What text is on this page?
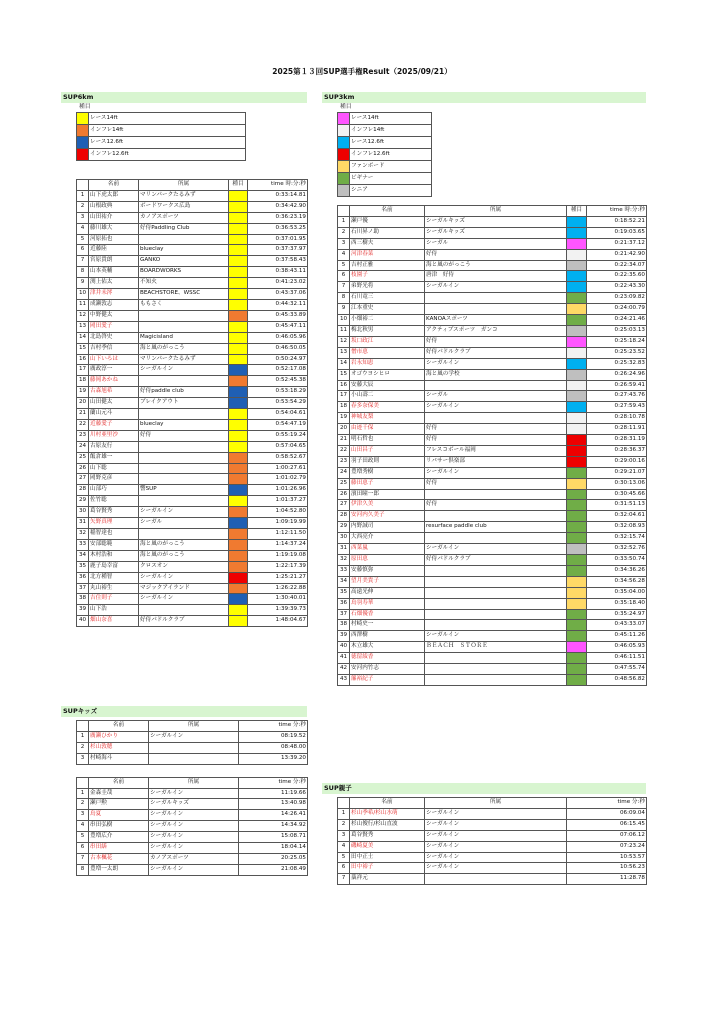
2025第１３回SUP選手権Result（2025/09/21）
SUP6km
種目
	レース14ft
	インフレ14ft
	レース12.6ft
	インフレ12.6ft
	名前	所属	種目	time 時:分:秒
1	山下虎太郎	マリンパークたるみず		0:33:14.81
2	山根政典	ボードワークス広島		0:34:42.90
3	山田祐介	カノアスポーツ		0:36:23.19
4	藤川雄大	好侍Paddling Club		0:36:53.25
5	河原拓也			0:37:01.95
6	近藤陸	blueclay		0:37:37.97
7	宮原貴朗	GANKO		0:37:58.43
8	山本英輔	BOARDWORKS		0:38:43.11
9	渕上佑太	不知火		0:41:23.02
10	津井未澪	BEACHSTORE、WSSC		0:43:37.06
11	成瀬敦志	ももさく		0:44:32.11
12	中野健太			0:45:33.89
13	岡田愛子			0:45:47.11
14	北島啓史	Magicisland		0:46:05.96
15	吉村季信	海と風のがっこう		0:46:50.05
16	山下いろは	マリンパークたるみず		0:50:24.97
17	廣政淳一	シーガルイン		0:52:17.08
18	藤岡あかね			0:52:45.38
19	古森旭希	好侍paddle club		0:53:18.29
20	山田健太	ブレイクアウト		0:53:54.29
21	蘭山元斗			0:54:04.61
22	近藤愛子	blueclay		0:54:47.19
23	川村亜里沙	好侍		0:55:19.24
24	古原友行			0:57:04.65
25	飯倉雄一			0:58:52.67
26	山下聡			1:00:27.61
27	岡野克彦			1:01:02.79
28	山部巧	響SUP		1:01:26.96
29	佐竹聡			1:01:37.27
30	葛谷賢秀	シーガルイン		1:04:52.80
31	矢野真理	シーガル		1:09:19.99
32	稲智達也			1:12:11.50
33	安部聡範	海と風のがっこう		1:14:37.24
34	木村浩和	海と風のがっこう		1:19:19.08
35	鹿子島幸富	クロスオン		1:22:17.39
36	北方種智	シーガルイン		1:25:21.27
37	丸山裕生	マジックアイランド		1:26:22.88
38	吉住則子	シーガルイン		1:30:40.01
39	山下浩			1:39:39.73
40	畑山奈喜	好侍パドルクラブ		1:48:04.67
SUP3km
種目
	レース14ft
	インフレ14ft
	レース12.6ft
	インフレ12.6ft
	ファンボード
	ビギナー
	シニア
	名前	所属	種目	time 時:分:秒
1	瀬戸優	シーガルキッズ		0:18:52.21
2	石川昇ノ助	シーガルキッズ		0:19:03.65
3	西三樹夫	シーガル		0:21:37.12
4	河津春菜	好侍		0:21:42.90
5	吉村正雅	海と風のがっこう		0:22:34.07
6	枝園子	唐津　好侍		0:22:35.60
7	弟野光将	シーガルイン		0:22:43.30
8	石川竜三			0:23:09.82
9	江本重史			0:24:00.79
10	小畑裕二	KANOAスポーツ		0:24:21.46
11	梅北秋男	アクティブスポーツ　ガンコ		0:25:03.13
12	坂口政江	好侍		0:25:18.24
13	憎市恵	好侍パドルクラブ		0:25:23.52
14	岩永知恵	シーガルイン		0:25:32.83
15	オゴウヨシヒロ	海と風の学校		0:26:24.96
16	安藤大辰			0:26:59.41
17	小山壽二	シーガル		0:27:43.76
18	春多奈保美	シーガルイン		0:27:59.43
19	神城友梨			0:28:10.78
20	由迹千保	好侍		0:28:11.91
21	明石哲也	好侍		0:28:31.19
22	山田昌子	フレスコボール福岡		0:28:36.37
23	羽子田政則	リバサー倶楽部		0:29:00.16
24	豊増秀樹	シーガルイン		0:29:21.07
25	藤田恵子	好侍		0:30:13.06
26	濱田瞳一郎			0:30:45.66
27	伊津久美	好侍		0:31:51.13
28	安河内久美子			0:32:04.61
29	内野誠司	resurface paddle club		0:32:08.93
30	大西亮介			0:32:15.74
31	西菜嵐	シーガルイン		0:32:52.76
32	原田恵	好侍パドルクラブ		0:33:50.74
33	安藤慎弥			0:34:36.26
34	望月美貴子			0:34:56.28
35	高遠光伸			0:35:04.00
36	鳥羽寿華			0:35:18.40
37	石畑優香			0:35:24.97
38	村崎史一			0:43:33.07
39	西澤樹	シーガルイン		0:45:11.26
40	木立雄大	ＢＥＡＣＨ　ＳＴＯＲＥ		0:46:05.93
41	徳留綾香			0:46:11.51
42	安河内竹志			0:47:55.74
43	簾裕紀子			0:48:56.82
SUPキッズ
	名前	所属	time 分:秒
1	廣瀬ひかり	シーガルイン	08:19.52
2	杉山敦穂		08:48.00
3	村崎海斗		13:39.20
	名前	所属	time 分:秒
1	金森圭哉	シーガルイン	11:19.66
2	瀬戸勲	シーガルキッズ	13:40.98
3	鳥夏	シーガルイン	14:26.41
4	串田弘樹	シーガルイン	14:34.92
5	豊増広介	シーガルイン	15:08.71
6	串田繕	シーガルイン	18:04.14
7	古本楓花	カノアスポーツ	20:25.05
8	豊増一太朗	シーガルイン	21:08.49
SUP親子
	名前	所属	time 分:秒
1	杉山季希/杉山水萌	シーガルイン	06:09.04
2	杉山俊行/杉山直波	シーガルイン	06:15.45
3	葛谷賢秀	シーガルイン	07:06.12
4	磯崎夏美	シーガルイン	07:23.24
5	田中正士	シーガルイン	10:53.57
6	田中裕子	シーガルイン	10:56.23
7	藁祥元		11:28.78
